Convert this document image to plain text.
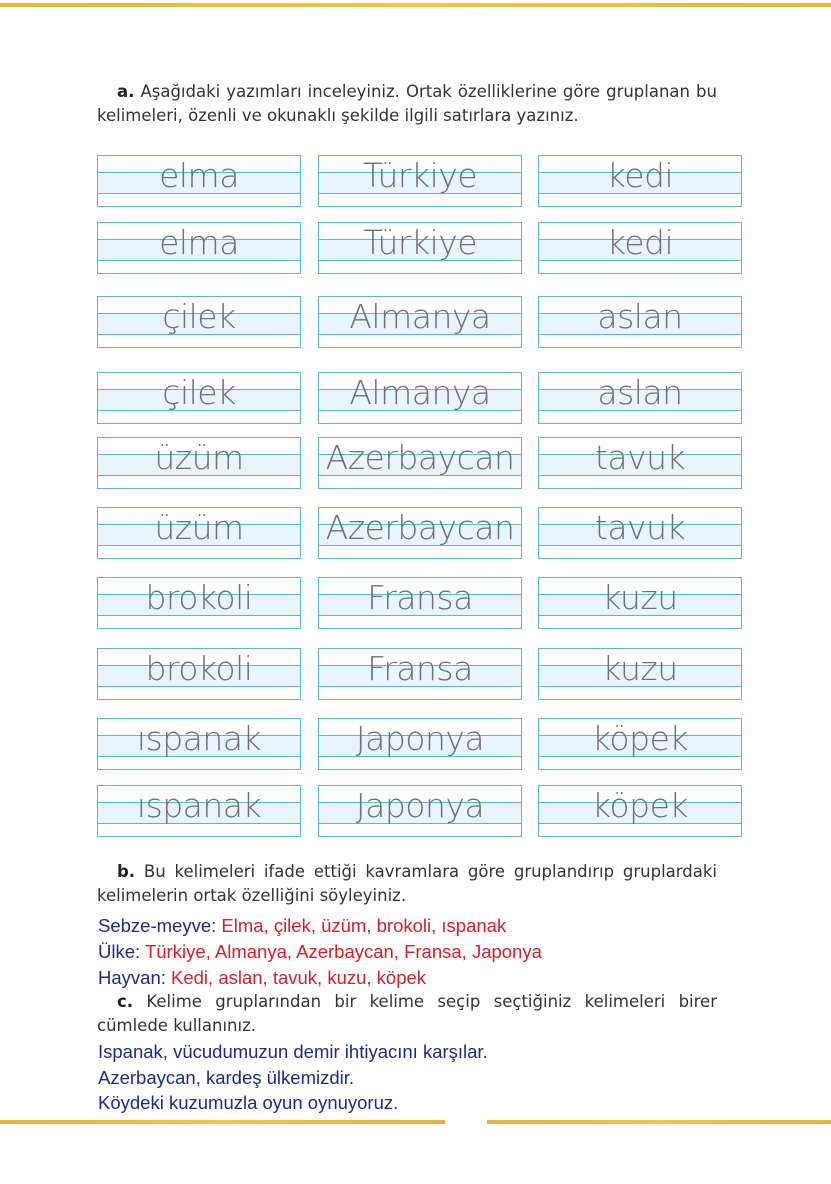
a. Aşağıdaki yazımları inceleyiniz. Ortak özelliklerine göre gruplanan bu kelimeleri, özenli ve okunaklı şekilde ilgili satırlara yazınız.
elma	Türkiye	kedi
elma	Türkiye	kedi
çilek	Almanya	aslan
çilek	Almanya	aslan
üzüm	Azerbaycan	tavuk
üzüm	Azerbaycan	tavuk
brokoli	Fransa	kuzu
brokoli	Fransa	kuzu
ıspanak	Japonya	köpek
ıspanak	Japonya	köpek
b. Bu kelimeleri ifade ettiği kavramlara göre gruplandırıp gruplardaki kelimelerin ortak özelliğini söyleyiniz.
Sebze-meyve: Elma, çilek, üzüm, brokoli, ıspanak
Ülke: Türkiye, Almanya, Azerbaycan, Fransa, Japonya
Hayvan: Kedi, aslan, tavuk, kuzu, köpek
c. Kelime gruplarından bir kelime seçip seçtiğiniz kelimeleri birer cümlede kullanınız.
Ispanak, vücudumuzun demir ihtiyacını karşılar.
Azerbaycan, kardeş ülkemizdir.
Köydeki kuzumuzla oyun oynuyoruz.
